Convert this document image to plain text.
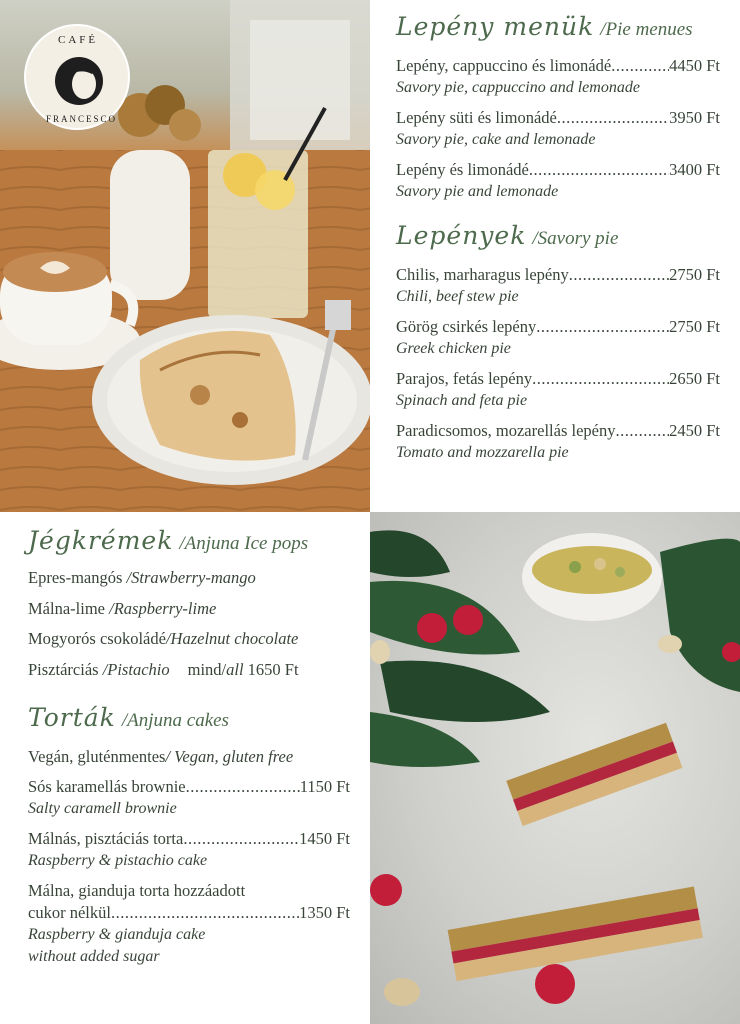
CAFÉ
FRANCESCO
Lepény menük /Pie menues
Lepény, cappuccino és limonádé .....	4450 Ft
Savory pie, cappuccino and lemonade
Lepény süti és limonádé .....	3950 Ft
Savory pie, cake and lemonade
Lepény és limonádé .....	3400 Ft
Savory pie and lemonade
Lepények /Savory pie
Chilis, marharagus lepény .....	2750 Ft
Chili, beef stew pie
Görög csirkés lepény .....	2750 Ft
Greek chicken pie
Parajos, fetás lepény .....	2650 Ft
Spinach and feta pie
Paradicsomos, mozarellás lepény .....	2450 Ft
Tomato and mozzarella pie
Jégkrémek /Anjuna Ice pops
Epres-mangós /Strawberry-mango
Málna-lime /Raspberry-lime
Mogyorós csokoládé/Hazelnut chocolate
Pisztárciás /Pistachio mind/all 1650 Ft
Torták /Anjuna cakes
Vegán, gluténmentes / Vegan, gluten free
Sós karamellás brownie .....	1150 Ft
Salty caramell brownie
Málnás, pisztáciás torta .....	1450 Ft
Raspberry & pistachio cake
Málna, gianduja torta hozzáadott
cukor nélkül .....	1350 Ft
Raspberry & gianduja cake
without added sugar
